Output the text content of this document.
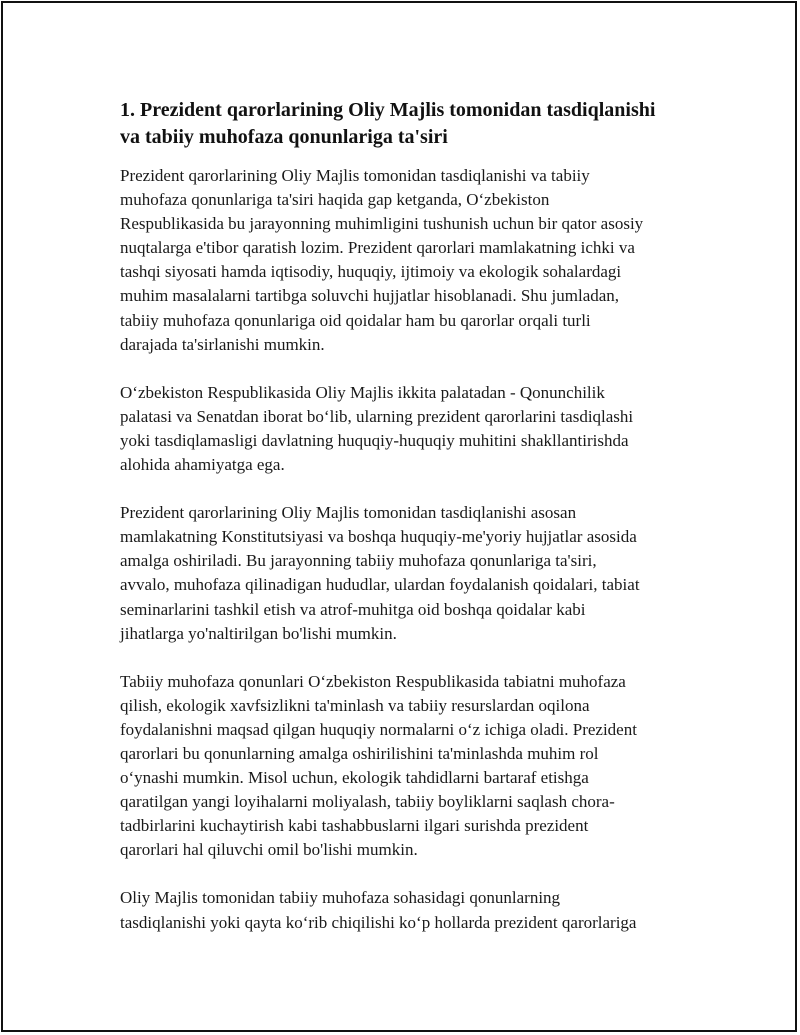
1. Prezident qarorlarining Oliy Majlis tomonidan tasdiqlanishi
va tabiiy muhofaza qonunlariga ta'siri

Prezident qarorlarining Oliy Majlis tomonidan tasdiqlanishi va tabiiy
muhofaza qonunlariga ta'siri haqida gap ketganda, O‘zbekiston
Respublikasida bu jarayonning muhimligini tushunish uchun bir qator asosiy
nuqtalarga e'tibor qaratish lozim. Prezident qarorlari mamlakatning ichki va
tashqi siyosati hamda iqtisodiy, huquqiy, ijtimoiy va ekologik sohalardagi
muhim masalalarni tartibga soluvchi hujjatlar hisoblanadi. Shu jumladan,
tabiiy muhofaza qonunlariga oid qoidalar ham bu qarorlar orqali turli
darajada ta'sirlanishi mumkin.

O‘zbekiston Respublikasida Oliy Majlis ikkita palatadan - Qonunchilik
palatasi va Senatdan iborat bo‘lib, ularning prezident qarorlarini tasdiqlashi
yoki tasdiqlamasligi davlatning huquqiy-huquqiy muhitini shakllantirishda
alohida ahamiyatga ega.

Prezident qarorlarining Oliy Majlis tomonidan tasdiqlanishi asosan
mamlakatning Konstitutsiyasi va boshqa huquqiy-me'yoriy hujjatlar asosida
amalga oshiriladi. Bu jarayonning tabiiy muhofaza qonunlariga ta'siri,
avvalo, muhofaza qilinadigan hududlar, ulardan foydalanish qoidalari, tabiat
seminarlarini tashkil etish va atrof-muhitga oid boshqa qoidalar kabi
jihatlarga yo'naltirilgan bo'lishi mumkin.

Tabiiy muhofaza qonunlari O‘zbekiston Respublikasida tabiatni muhofaza
qilish, ekologik xavfsizlikni ta'minlash va tabiiy resurslardan oqilona
foydalanishni maqsad qilgan huquqiy normalarni o‘z ichiga oladi. Prezident
qarorlari bu qonunlarning amalga oshirilishini ta'minlashda muhim rol
o‘ynashi mumkin. Misol uchun, ekologik tahdidlarni bartaraf etishga
qaratilgan yangi loyihalarni moliyalash, tabiiy boyliklarni saqlash chora-
tadbirlarini kuchaytirish kabi tashabbuslarni ilgari surishda prezident
qarorlari hal qiluvchi omil bo'lishi mumkin.

Oliy Majlis tomonidan tabiiy muhofaza sohasidagi qonunlarning
tasdiqlanishi yoki qayta ko‘rib chiqilishi ko‘p hollarda prezident qarorlariga
